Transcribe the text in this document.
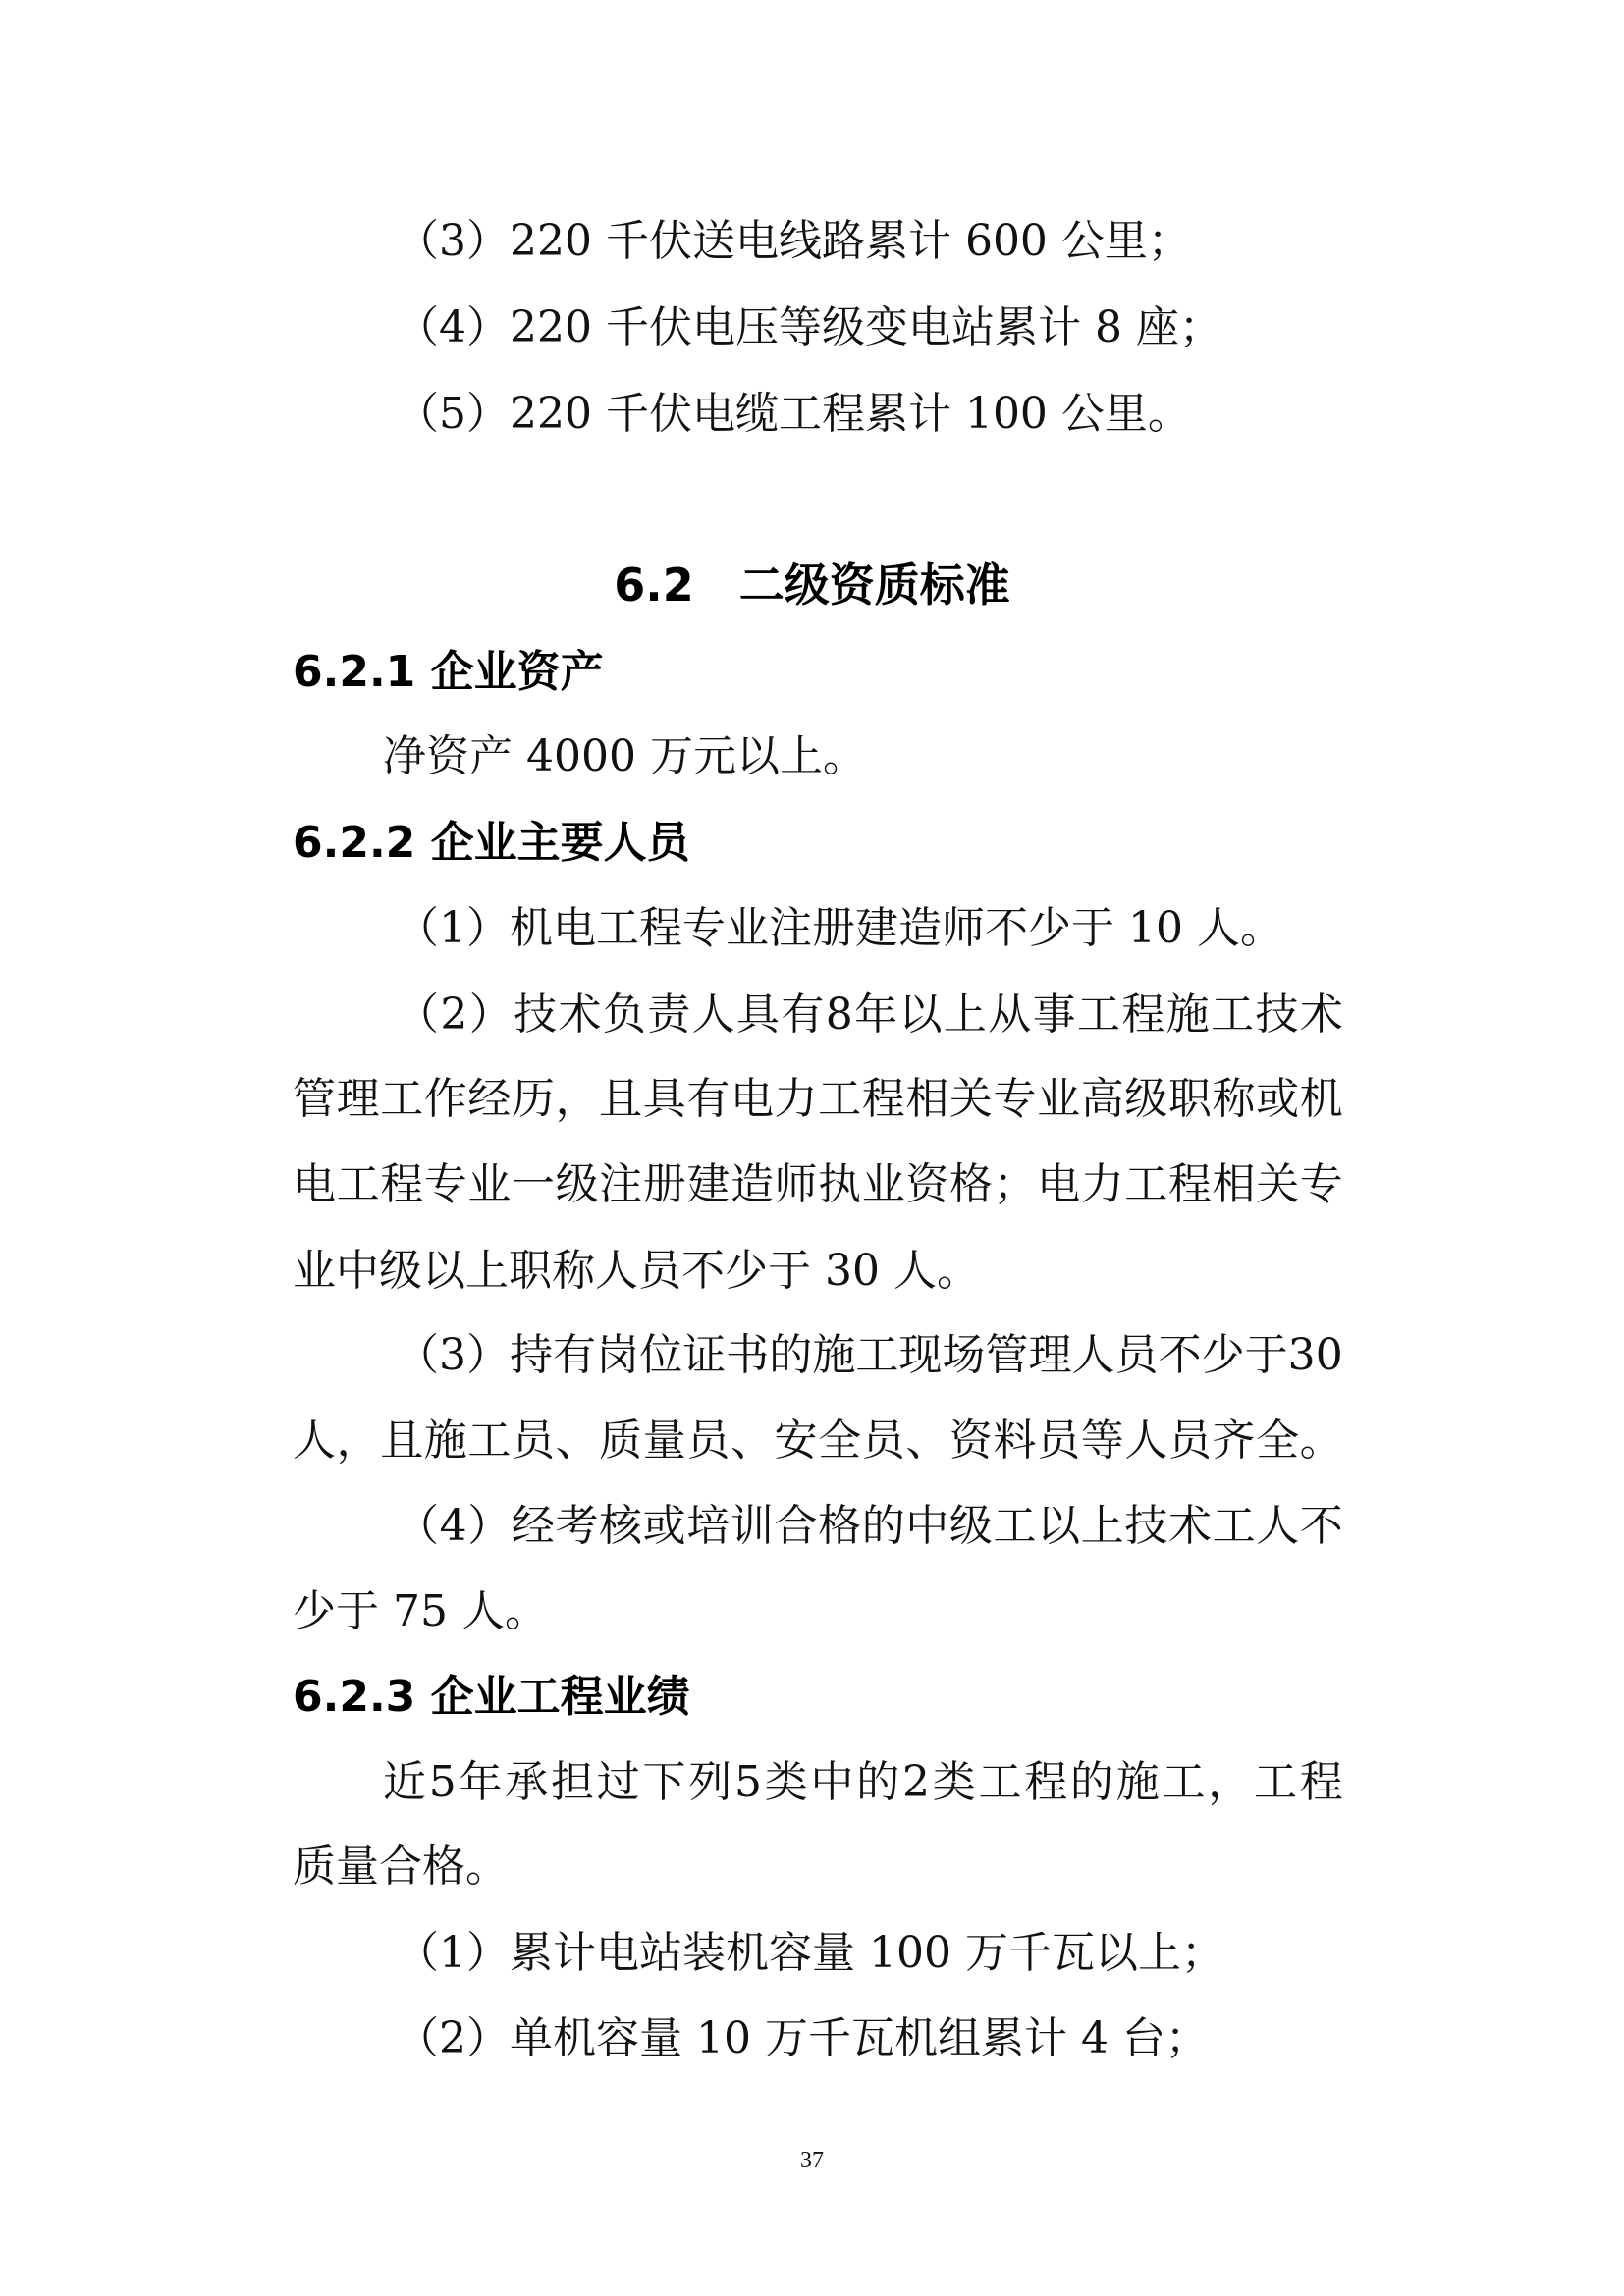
（3）220 千伏送电线路累计 600 公里；
（4）220 千伏电压等级变电站累计 8 座；
（5）220 千伏电缆工程累计 100 公里。
6.2　二级资质标准
6.2.1 企业资产
净资产 4000 万元以上。
6.2.2 企业主要人员
（1）机电工程专业注册建造师不少于 10 人。
（ 2 ） 技 术 负 责 人 具 有 8 年 以 上 从 事 工 程 施 工 技 术
管 理 工 作 经 历 ， 且 具 有 电 力 工 程 相 关 专 业 高 级 职 称 或 机
电 工 程 专 业 一 级 注 册 建 造 师 执 业 资 格 ； 电 力 工 程 相 关 专
业中级以上职称人员不少于 30 人。
（ 3 ） 持 有 岗 位 证 书 的 施 工 现 场 管 理 人 员 不 少 于 3 0
人 ， 且 施 工 员 、 质 量 员 、 安 全 员 、 资 料 员 等 人 员 齐 全 。
（ 4 ） 经 考 核 或 培 训 合 格 的 中 级 工 以 上 技 术 工 人 不
少于 75 人。
6.2.3 企业工程业绩
近 5 年 承 担 过 下 列 5 类 中 的 2 类 工 程 的 施 工 ， 工 程
质量合格。
（1）累计电站装机容量 100 万千瓦以上；
（2）单机容量 10 万千瓦机组累计 4 台；
37
